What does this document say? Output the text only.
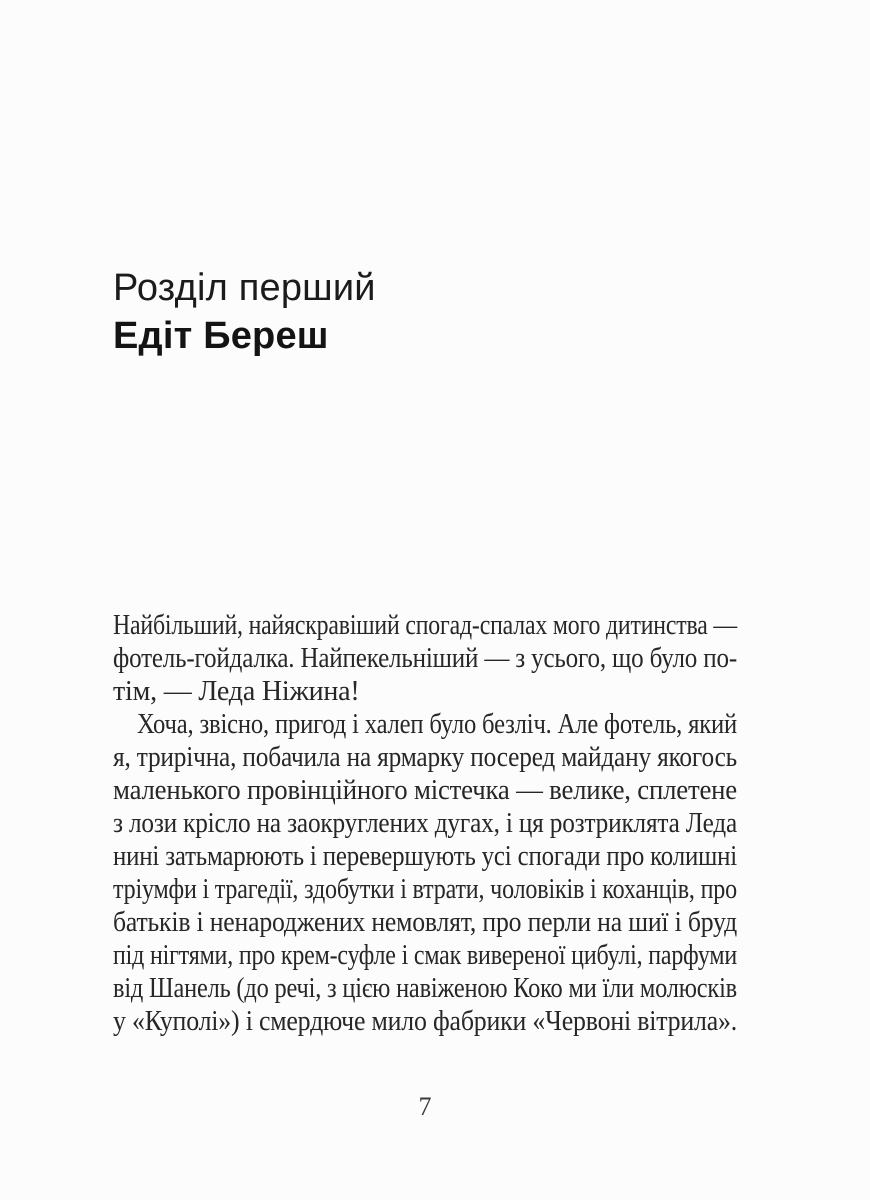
Розділ перший
Едіт Береш
Найбільший, найяскравіший спогад-спалах мого дитинства —
фотель-гойдалка. Найпекельніший — з усього, що було по-
тім, — Леда Ніжина!
Хоча, звісно, пригод і халеп було безліч. Але фотель, який
я, трирічна, побачила на ярмарку посеред майдану якогось
маленького провінційного містечка — велике, сплетене
з лози крісло на заокруглених дугах, і ця розтриклята Леда
нині затьмарюють і перевершують усі спогади про колишні
тріумфи і трагедії, здобутки і втрати, чоловіків і коханців, про
батьків і ненароджених немовлят, про перли на шиї і бруд
під нігтями, про крем-суфле і смак вивереної цибулі, парфуми
від Шанель (до речі, з цією навіженою Коко ми їли молюсків
у «Куполі») і смердюче мило фабрики «Червоні вітрила».
7
